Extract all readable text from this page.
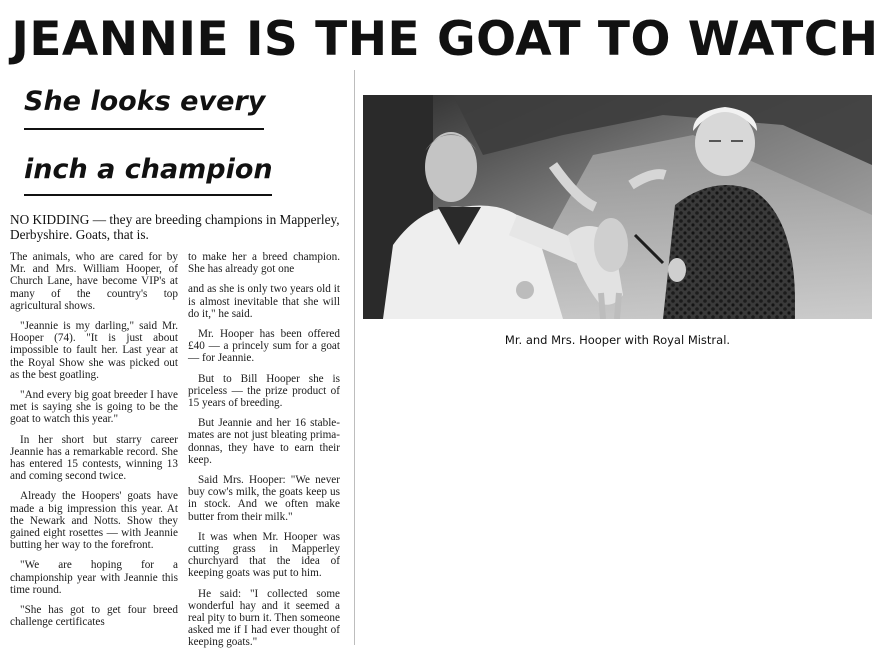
JEANNIE IS THE GOAT TO WATCH
She looks every
inch a champion
NO KIDDING — they are breeding champions in Mapperley, Derbyshire. Goats, that is.

The animals, who are cared for by Mr. and Mrs. William Hooper, of Church Lane, have become VIP's at many of the country's top agricultural shows.

"Jeannie is my darling," said Mr. Hooper (74). "It is just about impossible to fault her. Last year at the Royal Show she was picked out as the best goatling.

"And every big goat breeder I have met is saying she is going to be the goat to watch this year."

In her short but starry career Jeannie has a remarkable record. She has entered 15 contests, winning 13 and coming second twice.

Already the Hoopers' goats have made a big impression this year. At the Newark and Notts. Show they gained eight rosettes — with Jeannie butting her way to the forefront.

"We are hoping for a championship year with Jeannie this time round.

"She has got to get four breed challenge certificates

to make her a breed champion. She has already got one

and as she is only two years old it is almost inevitable that she will do it," he said.

Mr. Hooper has been offered £40 — a princely sum for a goat — for Jeannie.

But to Bill Hooper she is priceless — the prize product of 15 years of breeding.

But Jeannie and her 16 stable-mates are not just bleating prima-donnas, they have to earn their keep.

Said Mrs. Hooper: "We never buy cow's milk, the goats keep us in stock. And we often make butter from their milk."

It was when Mr. Hooper was cutting grass in Mapperley churchyard that the idea of keeping goats was put to him.

He said: "I collected some wonderful hay and it seemed a real pity to burn it. Then someone asked me if I had ever thought of keeping goats."

Mr. and Mrs. Hooper with Royal Mistral.
